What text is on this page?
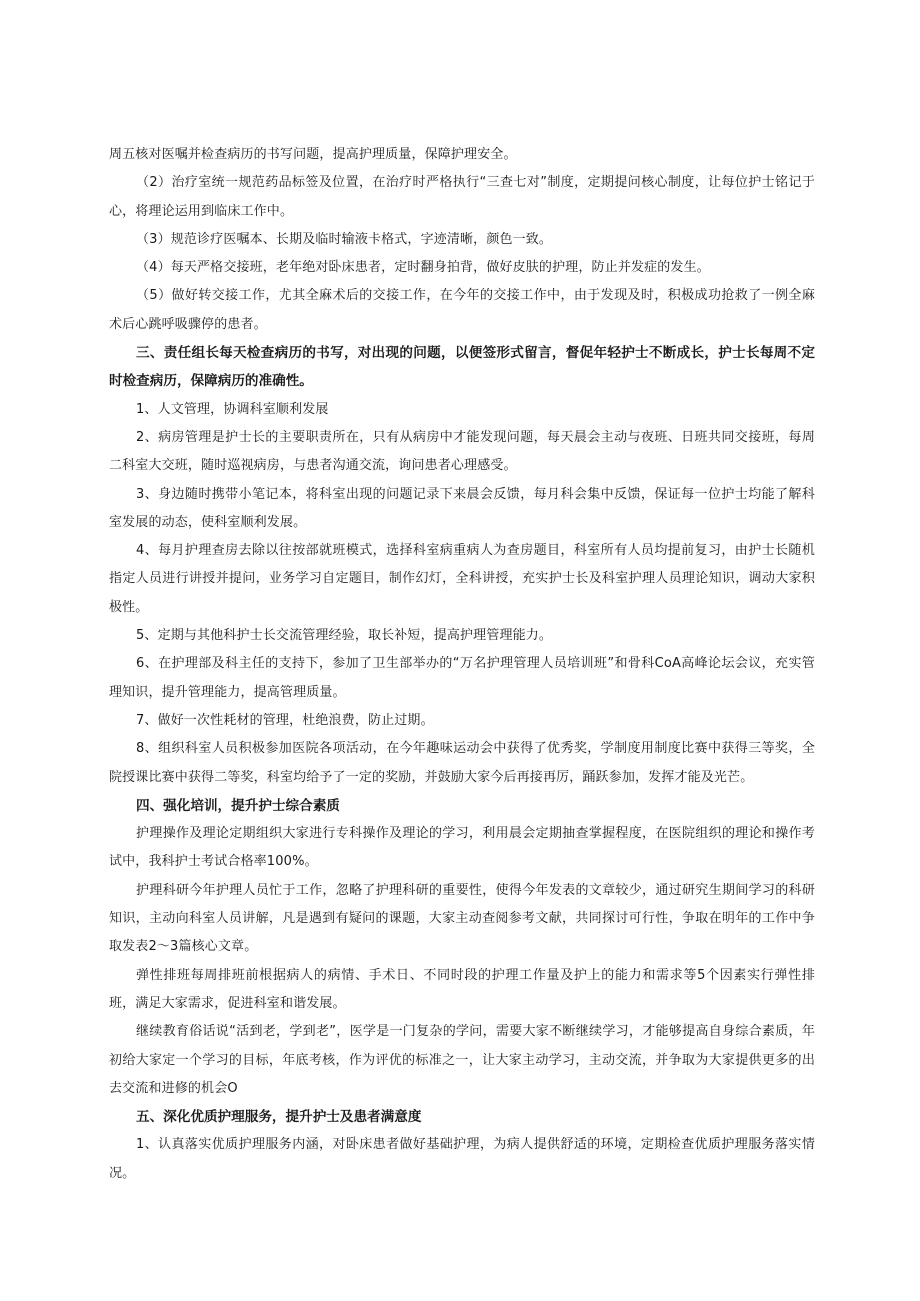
周五核对医嘱并检查病历的书写问题，提高护理质量，保障护理安全。

（2）治疗室统一规范药品标签及位置，在治疗时严格执行“三查七对”制度，定期提问核心制度，让每位护士铭记于心，将理论运用到临床工作中。

（3）规范诊疗医嘱本、长期及临时输液卡格式，字迹清晰，颜色一致。

（4）每天严格交接班，老年绝对卧床患者，定时翻身拍背，做好皮肤的护理，防止并发症的发生。

（5）做好转交接工作，尤其全麻术后的交接工作，在今年的交接工作中，由于发现及时，积极成功抢救了一例全麻术后心跳呼吸骤停的患者。

三、责任组长每天检查病历的书写，对出现的问题，以便签形式留言，督促年轻护士不断成长，护士长每周不定时检查病历，保障病历的准确性。

1、人文管理，协调科室顺利发展

2、病房管理是护士长的主要职责所在，只有从病房中才能发现问题，每天晨会主动与夜班、日班共同交接班，每周二科室大交班，随时巡视病房，与患者沟通交流，询问患者心理感受。

3、身边随时携带小笔记本，将科室出现的问题记录下来晨会反馈，每月科会集中反馈，保证每一位护士均能了解科室发展的动态，使科室顺利发展。

4、每月护理查房去除以往按部就班模式，选择科室病重病人为查房题目，科室所有人员均提前复习，由护士长随机指定人员进行讲授并提问，业务学习自定题目，制作幻灯，全科讲授，充实护士长及科室护理人员理论知识，调动大家积极性。

5、定期与其他科护士长交流管理经验，取长补短，提高护理管理能力。

6、在护理部及科主任的支持下，参加了卫生部举办的“万名护理管理人员培训班”和骨科CoA高峰论坛会议，充实管理知识，提升管理能力，提高管理质量。

7、做好一次性耗材的管理，杜绝浪费，防止过期。

8、组织科室人员积极参加医院各项活动，在今年趣味运动会中获得了优秀奖，学制度用制度比赛中获得三等奖，全院授课比赛中获得二等奖，科室均给予了一定的奖励，并鼓励大家今后再接再厉，踊跃参加，发挥才能及光芒。

四、强化培训，提升护士综合素质

护理操作及理论定期组织大家进行专科操作及理论的学习，利用晨会定期抽查掌握程度，在医院组织的理论和操作考试中，我科护士考试合格率100%。

护理科研今年护理人员忙于工作，忽略了护理科研的重要性，使得今年发表的文章较少，通过研究生期间学习的科研知识，主动向科室人员讲解，凡是遇到有疑问的课题，大家主动查阅参考文献，共同探讨可行性，争取在明年的工作中争取发表2～3篇核心文章。

弹性排班每周排班前根据病人的病情、手术日、不同时段的护理工作量及护上的能力和需求等5个因素实行弹性排班，满足大家需求，促进科室和谐发展。

继续教育俗话说“活到老，学到老”，医学是一门复杂的学问，需要大家不断继续学习，才能够提高自身综合素质，年初给大家定一个学习的目标，年底考核，作为评优的标准之一，让大家主动学习，主动交流，并争取为大家提供更多的出去交流和进修的机会O

五、深化优质护理服务，提升护士及患者满意度

1、认真落实优质护理服务内涵，对卧床患者做好基础护理，为病人提供舒适的环境，定期检查优质护理服务落实情况。
